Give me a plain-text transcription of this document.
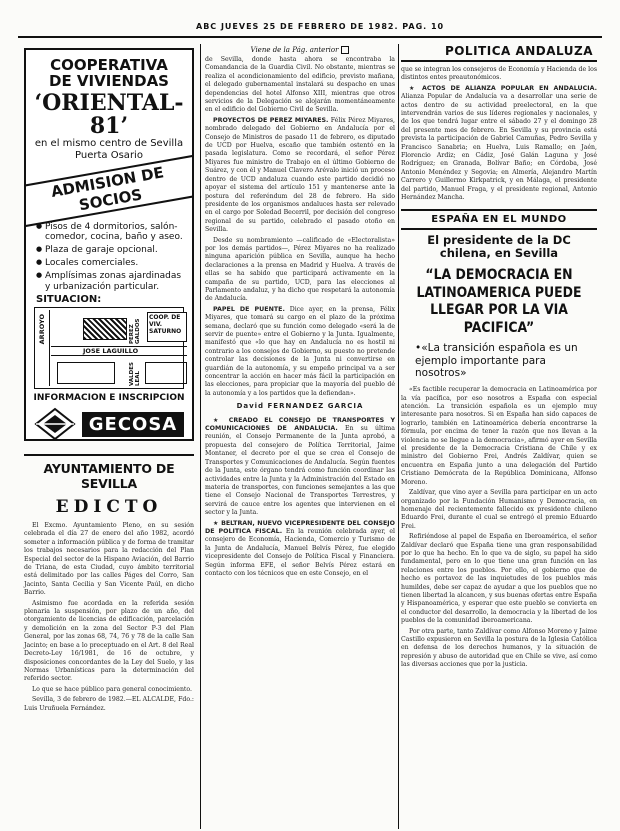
ABC JUEVES 25 DE FEBRERO DE 1982. PAG. 10
COOPERATIVA
DE VIVIENDAS
‘ORIENTAL-81’
en el mismo centro de Sevilla
Puerta Osario
ADMISION DE SOCIOS
● Pisos de 4 dormitorios, salón-comedor, cocina, baño y aseo.
● Plaza de garaje opcional.
● Locales comerciales.
● Amplísimas zonas ajardinadas y urbanización particular.
SITUACION:
COOP. DE VIV. SATURNO
ARROYO
JOSE LAGUILLO
PEREZ GALDOS
VALDES LEAL
INFORMACION E INSCRIPCION
GECOSA
AYUNTAMIENTO DE SEVILLA
EDICTO

El Excmo. Ayuntamiento Pleno, en su sesión celebrada el día 27 de enero del año 1982, acordó someter a información pública y de forma de tramitar los trabajos necesarios para la redacción del Plan Especial del sector de la Hispano Aviación, del Barrio de Triana, de esta Ciudad, cuyo ámbito territorial está delimitado por las calles Páges del Corro, San Jacinto, Santa Cecilia y San Vicente Paúl, en dicho Barrio.

Asimismo fue acordada en la referida sesión plenaria la suspensión, por plazo de un año, del otorgamiento de licencias de edificación, parcelación y demolición en la zona del Sector P-3 del Plan General, por las zonas 68, 74, 76 y 78 de la calle San Jacinto; en base a lo preceptuado en el Art. 8 del Real Decreto-Ley 16/1981, de 16 de octubre, y disposiciones concordantes de la Ley del Suelo, y las Normas Urbanísticas para la determinación del referido sector.

Lo que se hace público para general conocimiento.

Sevilla, 3 de febrero de 1982.—EL ALCALDE, Fdo.: Luis Uruñuela Fernández.

Viene de la Pág. anterior

de Sevilla, donde hasta ahora se encontraba la Comandancia de la Guardia Civil. No obstante, mientras se realiza el acondicionamiento del edificio, previsto mañana, el delegado gubernamental instalará su despacho en unas dependencias del hotel Alfonso XIII, mientras que otros servicios de la Delegación se alojarán momentáneamente en el edificio del Gobierno Civil de Sevilla.

PROYECTOS DE PEREZ MIYARES. Félix Pérez Miyares, nombrado delegado del Gobierno en Andalucía por el Consejo de Ministros de pasado 11 de febrero, es diputado de UCD por Huelva, escaño que también ostentó en la pasada legislatura. Como se recordará, el señor Pérez Miyares fue ministro de Trabajo en el último Gobierno de Suárez, y con él y Manuel Clavero Arévalo inició un proceso dentro de UCD andaluza cuando este partido decidió no apoyar el sistema del artículo 151 y mantenerse ante la postura del referéndum del 28 de febrero. Ha sido presidente de los organismos andaluces hasta ser relevado en el cargo por Soledad Becerril, por decisión del congreso regional de su partido, celebrado el pasado otoño en Sevilla.

Desde su nombramiento —calificado de «Electoralista» por los demás partidos—, Pérez Miyares no ha realizado ninguna aparición pública en Sevilla, aunque ha hecho declaraciones a la prensa en Madrid y Huelva. A través de ellas se ha sabido que participará activamente en la campaña de su partido, UCD, para las elecciones al Parlamento andaluz, y ha dicho que respetará la autonomía de Andalucía.

PAPEL DE PUENTE. Dice ayer, en la prensa, Félix Miyares, que tomará su cargo en el plazo de la próxima semana, declaró que su función como delegado «será la de servir de puente» entre el Gobierno y la Junta. Igualmente, manifestó que «lo que hay en Andalucía no es hostil ni contrario a los consejos de Gobierno, su puesto no pretende controlar las decisiones de la Junta ni convertirse en guardián de la autonomía, y su empeño principal va a ser concentrar la acción en hacer más fácil la participación en las elecciones, para propiciar que la mayoría del pueblo dé la autonomía y a los partidos que la defiendan».

David FERNANDEZ GARCIA

★ CREADO EL CONSEJO DE TRANSPORTES Y COMUNICACIONES DE ANDALUCIA. En su última reunión, el Consejo Permanente de la Junta aprobó, a propuesta del consejero de Política Territorial, Jaime Montaner, el decreto por el que se crea el Consejo de Transportes y Comunicaciones de Andalucía. Según fuentes de la Junta, este órgano tendrá como función coordinar las actividades entre la Junta y la Administración del Estado en materia de transportes, con funciones semejantes a las que tiene el Consejo Nacional de Transportes Terrestres, y servirá de cauce entre los agentes que intervienen en el sector y la Junta.

★ BELTRAN, NUEVO VICEPRESIDENTE DEL CONSEJO DE POLITICA FISCAL. En la reunión celebrada ayer, el consejero de Economía, Hacienda, Comercio y Turismo de la Junta de Andalucía, Manuel Belvís Pérez, fue elegido vicepresidente del Consejo de Política Fiscal y Financiera. Según informa EFE, el señor Belvís Pérez estará en contacto con los técnicos que en este Consejo, en el

POLITICA ANDALUZA

que se integran los consejeros de Economía y Hacienda de los distintos entes preautonómicos.

★ ACTOS DE ALIANZA POPULAR EN ANDALUCIA. Alianza Popular de Andalucía va a desarrollar una serie de actos dentro de su actividad preelectoral, en la que intervendrán varios de sus líderes regionales y nacionales, y de los que tendrá lugar entre el sábado 27 y el domingo 28 del presente mes de febrero. En Sevilla y su provincia está prevista la participación de Gabriel Camuñas, Pedro Sevilla y Francisco Sanabria; en Huelva, Luis Ramallo; en Jaén, Florencio Ardiz; en Cádiz, José Galán Laguna y José Rodríguez; en Granada, Bolívar Baño; en Córdoba, José Antonio Menéndez y Segovia; en Almería, Alejandro Martín Carrero y Guillermo Kirkpatrick, y en Málaga, el presidente del partido, Manuel Fraga, y el presidente regional, Antonio Hernández Mancha.

ESPAÑA EN EL MUNDO
El presidente de la DC chilena, en Sevilla
“LA DEMOCRACIA EN LATINOAMERICA PUEDE LLEGAR POR LA VIA PACIFICA”
•«La transición española es un ejemplo importante para nosotros»

«Es factible recuperar la democracia en Latinoamérica por la vía pacífica, por eso nosotros a España con especial atención. La transición española es un ejemplo muy interesante para nosotros. Si en España han sido capaces de lograrlo, también en Latinoamérica debería encontrarse la fórmula, por encima de tener la razón que nos llevan a la violencia no se llegue a la democracia», afirmó ayer en Sevilla el presidente de la Democracia Cristiana de Chile y ex ministro del Gobierno Frei, Andrés Zaldívar, quien se encuentra en España junto a una delegación del Partido Cristiano Demócrata de la República Dominicana, Alfonso Moreno.

Zaldívar, que vino ayer a Sevilla para participar en un acto organizado por la Fundación Humanismo y Democracia, en homenaje del recientemente fallecido ex presidente chileno Eduardo Frei, durante el cual se entregó el premio Eduardo Frei.

Refiriéndose al papel de España en Iberoamérica, el señor Zaldívar declaró que España tiene una gran responsabilidad por lo que ha hecho. En lo que va de siglo, su papel ha sido fundamental, pero en lo que tiene una gran función en las relaciones entre los pueblos. Por ello, el gobierno que de hecho es portavoz de las inquietudes de los pueblos más humildes, debe ser capaz de ayudar a que los pueblos que no tienen libertad la alcancen, y sus buenas ofertas entre España y Hispanoamérica, y esperar que este pueblo se convierta en el conductor del desarrollo, la democracia y la libertad de los pueblos de la comunidad iberoamericana.

Por otra parte, tanto Zaldívar como Alfonso Moreno y Jaime Castillo expusieron en Sevilla la postura de la Iglesia Católica en defensa de los derechos humanos, y la situación de represión y abuso de autoridad que en Chile se vive, así como las diversas acciones que por la justicia.
